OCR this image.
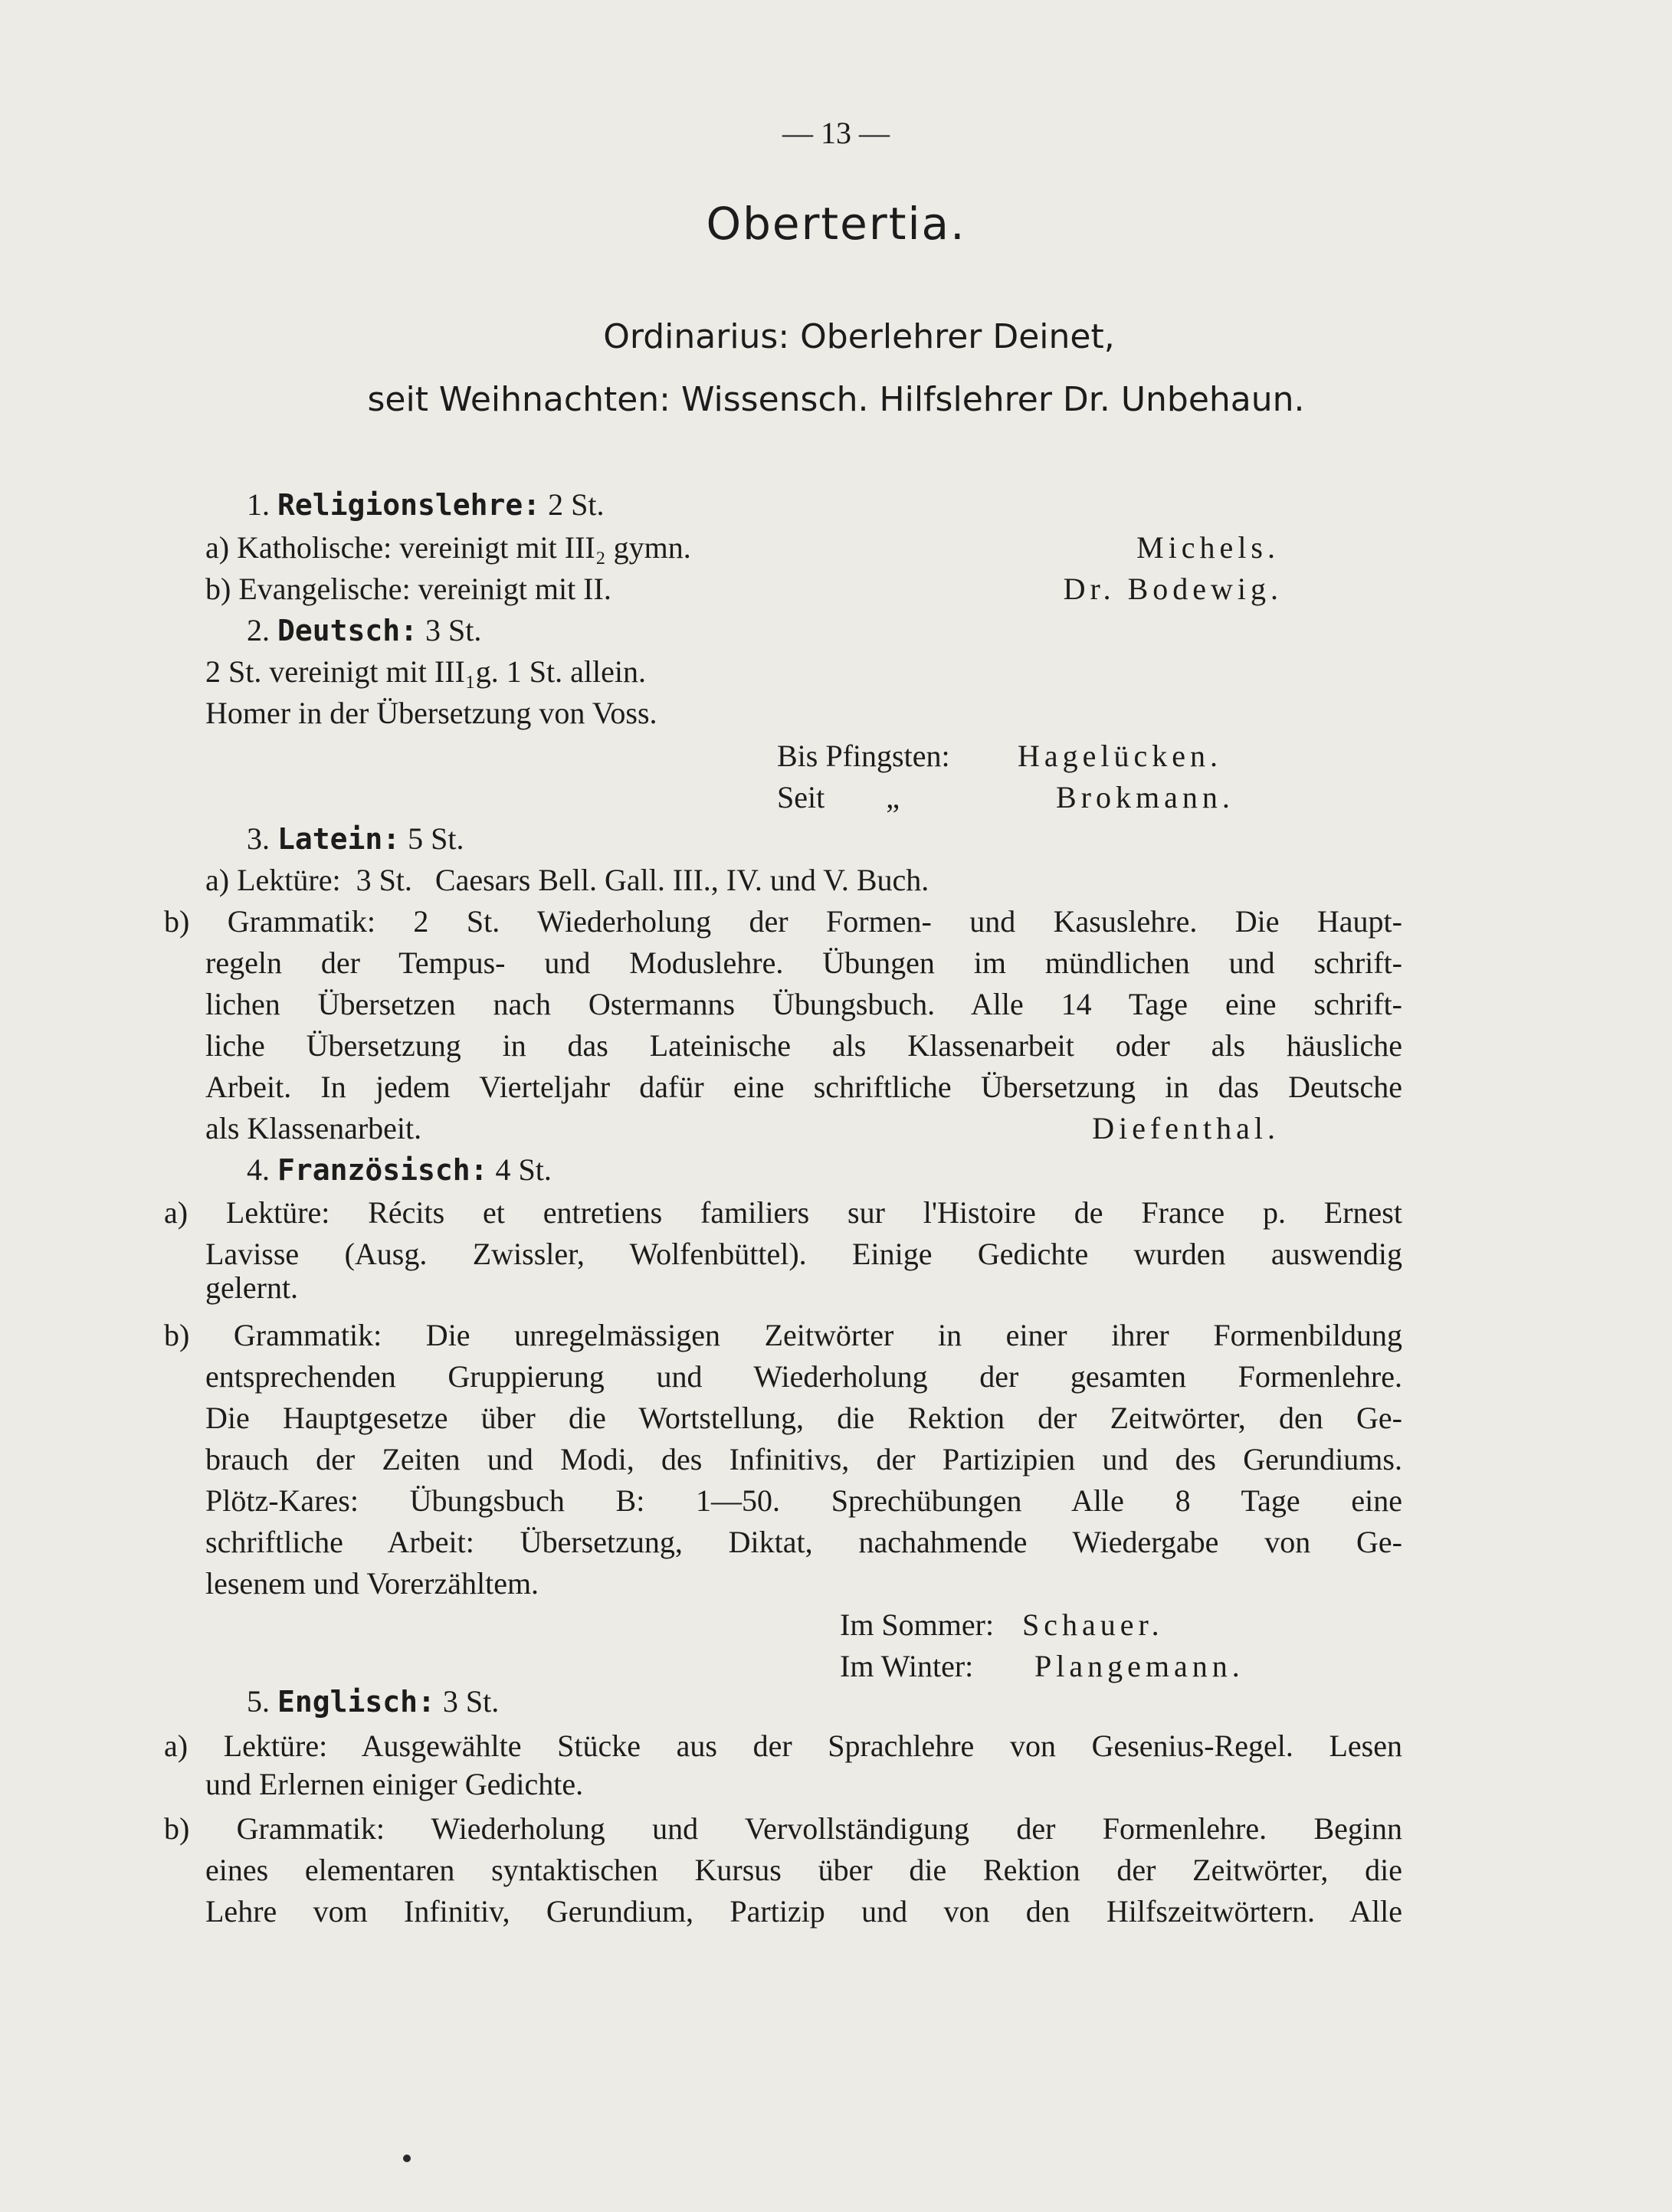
— 13 —
Obertertia.
Ordinarius: Oberlehrer Deinet,
seit Weihnachten: Wissensch. Hilfslehrer Dr. Unbehaun.
1. Religionslehre: 2 St.
a) Katholische: vereinigt mit III₂ gymn.	Michels.
b) Evangelische: vereinigt mit II.	Dr. Bodewig.
2. Deutsch: 3 St.
2 St. vereinigt mit III₁g. 1 St. allein.
Homer in der Übersetzung von Voss.
Bis Pfingsten: Hagelücken.
Seit        „	Brokmann.
3. Latein: 5 St.
a) Lektüre:  3 St.   Caesars Bell. Gall. III., IV. und V. Buch.
b) Grammatik: 2 St. Wiederholung der Formen- und Kasuslehre. Die Haupt-
regeln der Tempus- und Moduslehre. Übungen im mündlichen und schrift-
lichen Übersetzen nach Ostermanns Übungsbuch. Alle 14 Tage eine schrift-
liche Übersetzung in das Lateinische als Klassenarbeit oder als häusliche
Arbeit. In jedem Vierteljahr dafür eine schriftliche Übersetzung in das Deutsche
als Klassenarbeit.	Diefenthal.
4. Französisch: 4 St.
a) Lektüre: Récits et entretiens familiers sur l'Histoire de France p. Ernest
Lavisse (Ausg. Zwissler, Wolfenbüttel). Einige Gedichte wurden auswendig
gelernt.
b) Grammatik: Die unregelmässigen Zeitwörter in einer ihrer Formenbildung
entsprechenden Gruppierung und Wiederholung der gesamten Formenlehre.
Die Hauptgesetze über die Wortstellung, die Rektion der Zeitwörter, den Ge-
brauch der Zeiten und Modi, des Infinitivs, der Partizipien und des Gerundiums.
Plötz-Kares: Übungsbuch B: 1—50. Sprechübungen Alle 8 Tage eine
schriftliche Arbeit: Übersetzung, Diktat, nachahmende Wiedergabe von Ge-
lesenem und Vorerzähltem.
Im Sommer: Schauer.
Im Winter: Plangemann.
5. Englisch: 3 St.
a) Lektüre: Ausgewählte Stücke aus der Sprachlehre von Gesenius-Regel. Lesen
und Erlernen einiger Gedichte.
b) Grammatik: Wiederholung und Vervollständigung der Formenlehre. Beginn
eines elementaren syntaktischen Kursus über die Rektion der Zeitwörter, die
Lehre vom Infinitiv, Gerundium, Partizip und von den Hilfszeitwörtern. Alle
